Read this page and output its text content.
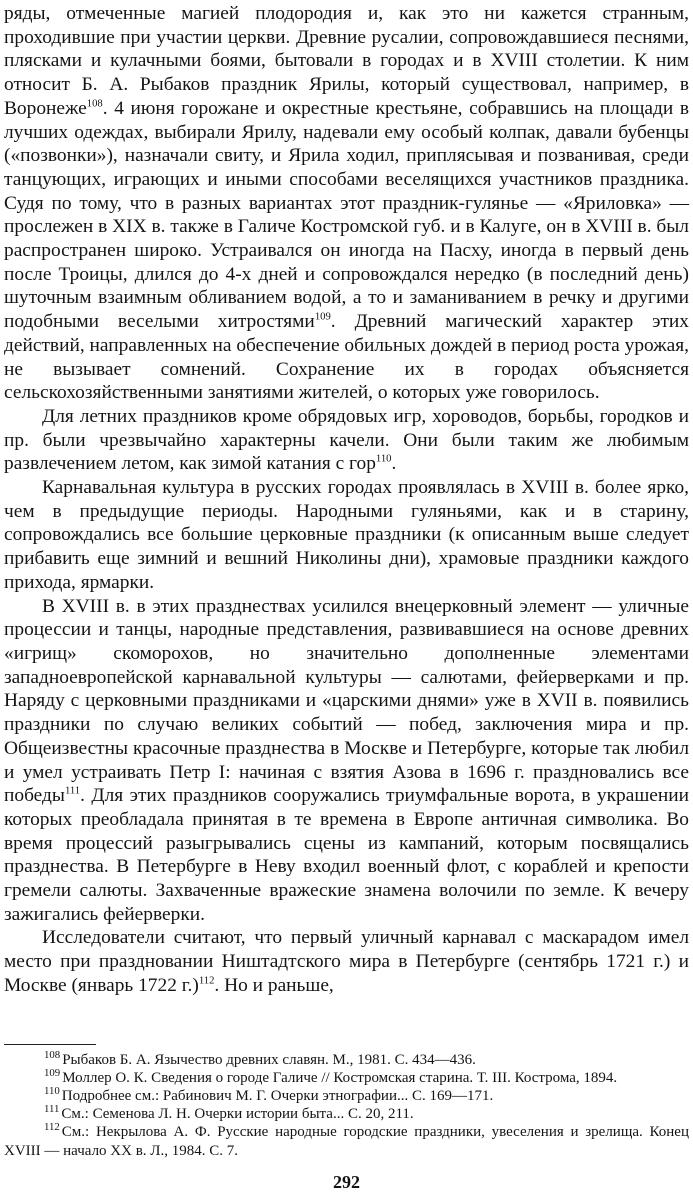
ряды, отмеченные магией плодородия и, как это ни кажется странным, проходившие при участии церкви. Древние русалии, сопровождавшиеся песнями, плясками и кулачными боями, бытовали в городах и в XVIII столетии. К ним относит Б. А. Рыбаков праздник Ярилы, который существовал, например, в Воронеже$^{108}$. 4 июня горожане и окрестные крестьяне, собравшись на площади в лучших одеждах, выбирали Ярилу, надевали ему особый колпак, давали бубенцы («позвонки»), назначали свиту, и Ярила ходил, приплясывая и позванивая, среди танцующих, играющих и иными способами веселящихся участников праздника. Судя по тому, что в разных вариантах этот праздник-гулянье — «Яриловка» — прослежен в XIX в. также в Галиче Костромской губ. и в Калуге, он в XVIII в. был распространен широко. Устраивался он иногда на Пасху, иногда в первый день после Троицы, длился до 4-х дней и сопровождался нередко (в последний день) шуточным взаимным обливанием водой, а то и заманиванием в речку и другими подобными веселыми хитростями$^{109}$. Древний магический характер этих действий, направленных на обеспечение обильных дождей в период роста урожая, не вызывает сомнений. Сохранение их в городах объясняется сельскохозяйственными занятиями жителей, о которых уже говорилось.

Для летних праздников кроме обрядовых игр, хороводов, борьбы, городков и пр. были чрезвычайно характерны качели. Они были таким же любимым развлечением летом, как зимой катания с гор$^{110}$.

Карнавальная культура в русских городах проявлялась в XVIII в. более ярко, чем в предыдущие периоды. Народными гуляньями, как и в старину, сопровождались все большие церковные праздники (к описанным выше следует прибавить еще зимний и вешний Николины дни), храмовые праздники каждого прихода, ярмарки.

В XVIII в. в этих празднествах усилился внецерковный элемент — уличные процессии и танцы, народные представления, развивавшиеся на основе древних «игрищ» скоморохов, но значительно дополненные элементами западноевропейской карнавальной культуры — салютами, фейерверками и пр. Наряду с церковными праздниками и «царскими днями» уже в XVII в. появились праздники по случаю великих событий — побед, заключения мира и пр. Общеизвестны красочные празднества в Москве и Петербурге, которые так любил и умел устраивать Петр I: начиная с взятия Азова в 1696 г. праздновались все победы$^{111}$. Для этих праздников сооружались триумфальные ворота, в украшении которых преобладала принятая в те времена в Европе античная символика. Во время процессий разыгрывались сцены из кампаний, которым посвящались празднества. В Петербурге в Неву входил военный флот, с кораблей и крепости гремели салюты. Захваченные вражеские знамена волочили по земле. К вечеру зажигались фейерверки.

Исследователи считают, что первый уличный карнавал с маскарадом имел место при праздновании Ништадтского мира в Петербурге (сентябрь 1721 г.) и Москве (январь 1722 г.)$^{112}$. Но и раньше,

$^{108}$ Рыбаков Б. А. Язычество древних славян. М., 1981. С. 434—436.

$^{109}$ Моллер О. К. Сведения о городе Галиче // Костромская старина. Т. III. Кострома, 1894.

$^{110}$ Подробнее см.: Рабинович М. Г. Очерки этнографии... С. 169—171.

$^{111}$ См.: Семенова Л. Н. Очерки истории быта... С. 20, 211.

$^{112}$ См.: Некрылова А. Ф. Русские народные городские праздники, увеселения и зрелища. Конец XVIII — начало XX в. Л., 1984. С. 7.

292
